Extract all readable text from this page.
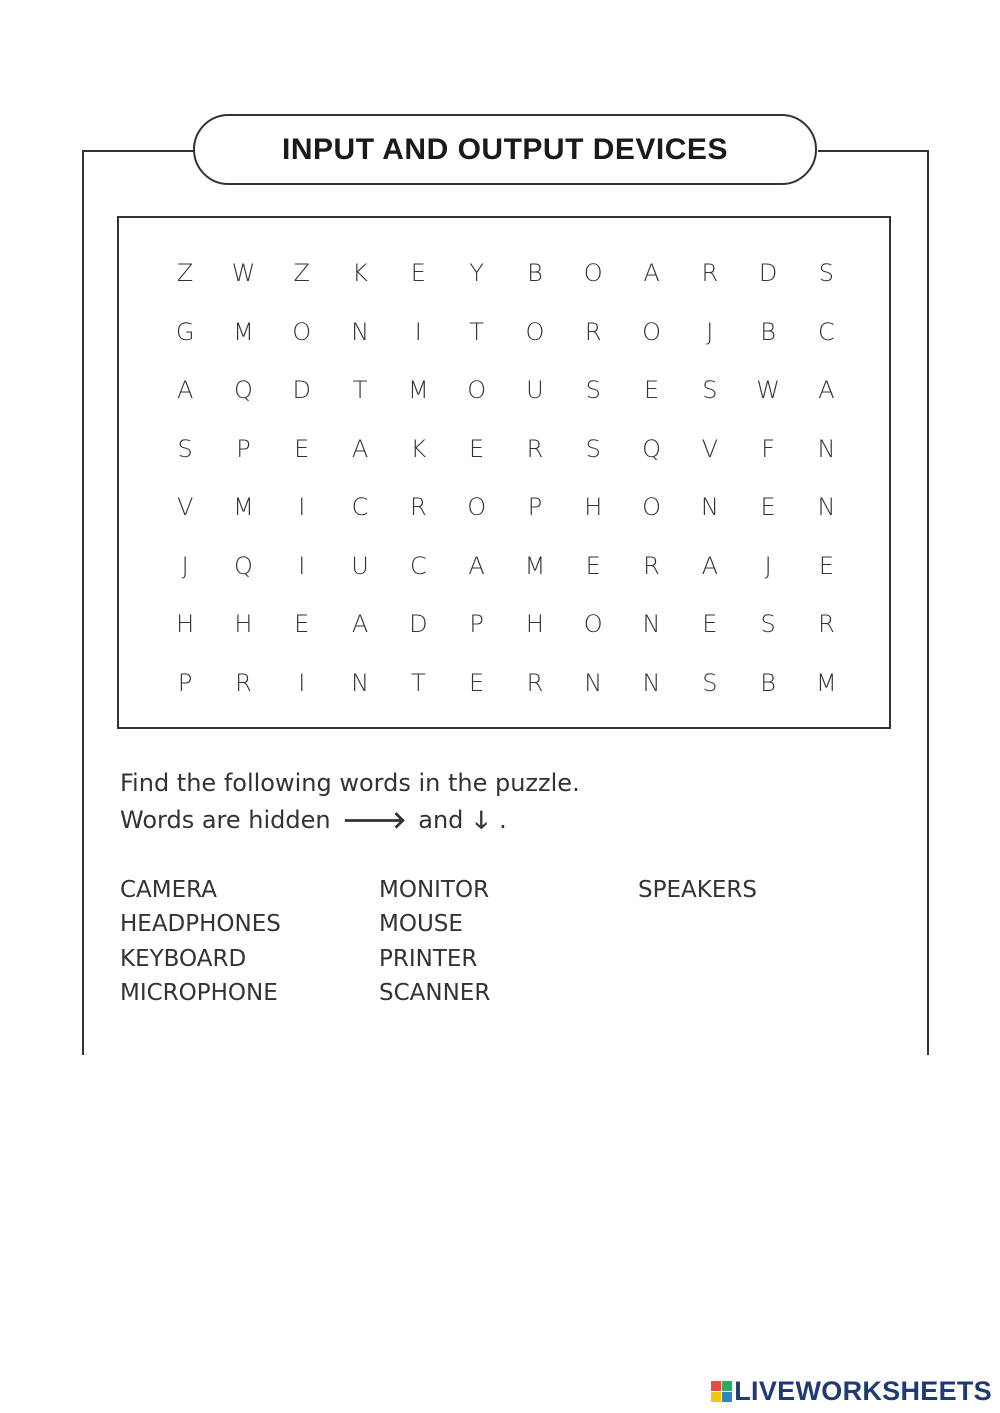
INPUT AND OUTPUT DEVICES
Z	W	Z	K	E	Y	B	O	A	R	D	S
G	M	O	N	I	T	O	R	O	J	B	C
A	Q	D	T	M	O	U	S	E	S	W	A
S	P	E	A	K	E	R	S	Q	V	F	N
V	M	I	C	R	O	P	H	O	N	E	N
J	Q	I	U	C	A	M	E	R	A	J	E
H	H	E	A	D	P	H	O	N	E	S	R
P	R	I	N	T	E	R	N	N	S	B	M
Find the following words in the puzzle.
Words are hidden 🡒 and 🡓 .
CAMERA
HEADPHONES
KEYBOARD
MICROPHONE
MONITOR
MOUSE
PRINTER
SCANNER
SPEAKERS
LIVEWORKSHEETS
